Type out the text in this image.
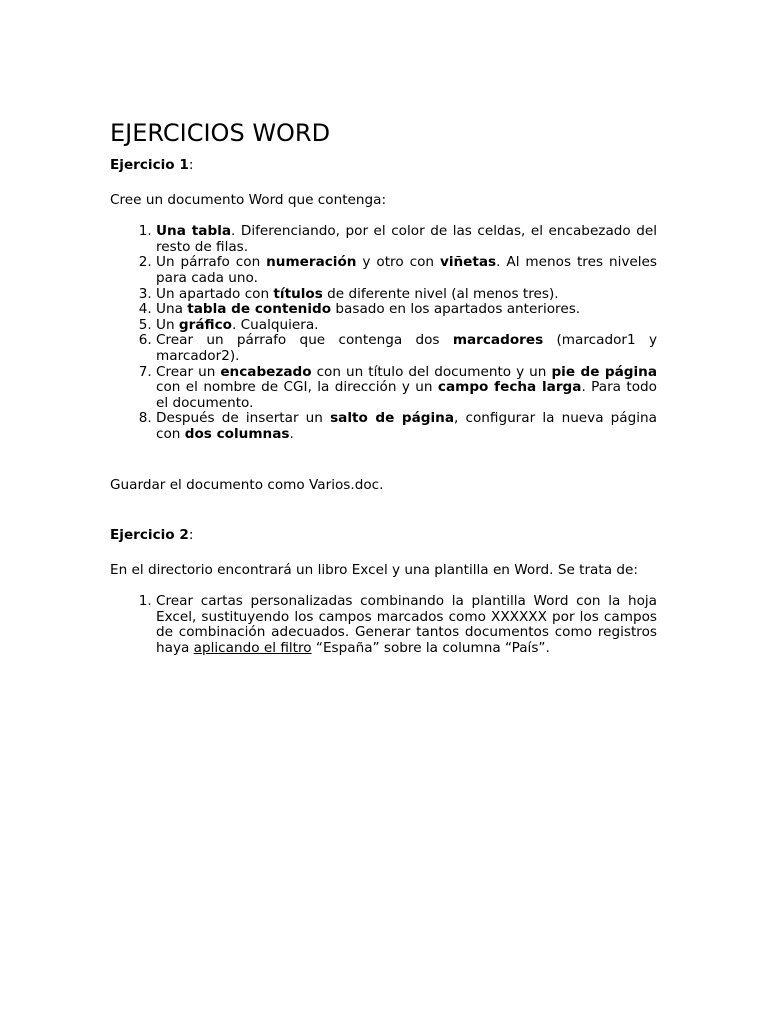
EJERCICIOS WORD

Ejercicio 1:

Cree un documento Word que contenga:

1. Una tabla. Diferenciando, por el color de las celdas, el encabezado del resto de filas.
2. Un párrafo con numeración y otro con viñetas. Al menos tres niveles para cada uno.
3. Un apartado con títulos de diferente nivel (al menos tres).
4. Una tabla de contenido basado en los apartados anteriores.
5. Un gráfico. Cualquiera.
6. Crear un párrafo que contenga dos marcadores (marcador1 y marcador2).
7. Crear un encabezado con un título del documento y un pie de página con el nombre de CGI, la dirección y un campo fecha larga. Para todo el documento.
8. Después de insertar un salto de página, configurar la nueva página con dos columnas.

Guardar el documento como Varios.doc.

Ejercicio 2:

En el directorio encontrará un libro Excel y una plantilla en Word. Se trata de:

1. Crear cartas personalizadas combinando la plantilla Word con la hoja Excel, sustituyendo los campos marcados como XXXXXX por los campos de combinación adecuados. Generar tantos documentos como registros haya aplicando el filtro “España” sobre la columna “País”.
